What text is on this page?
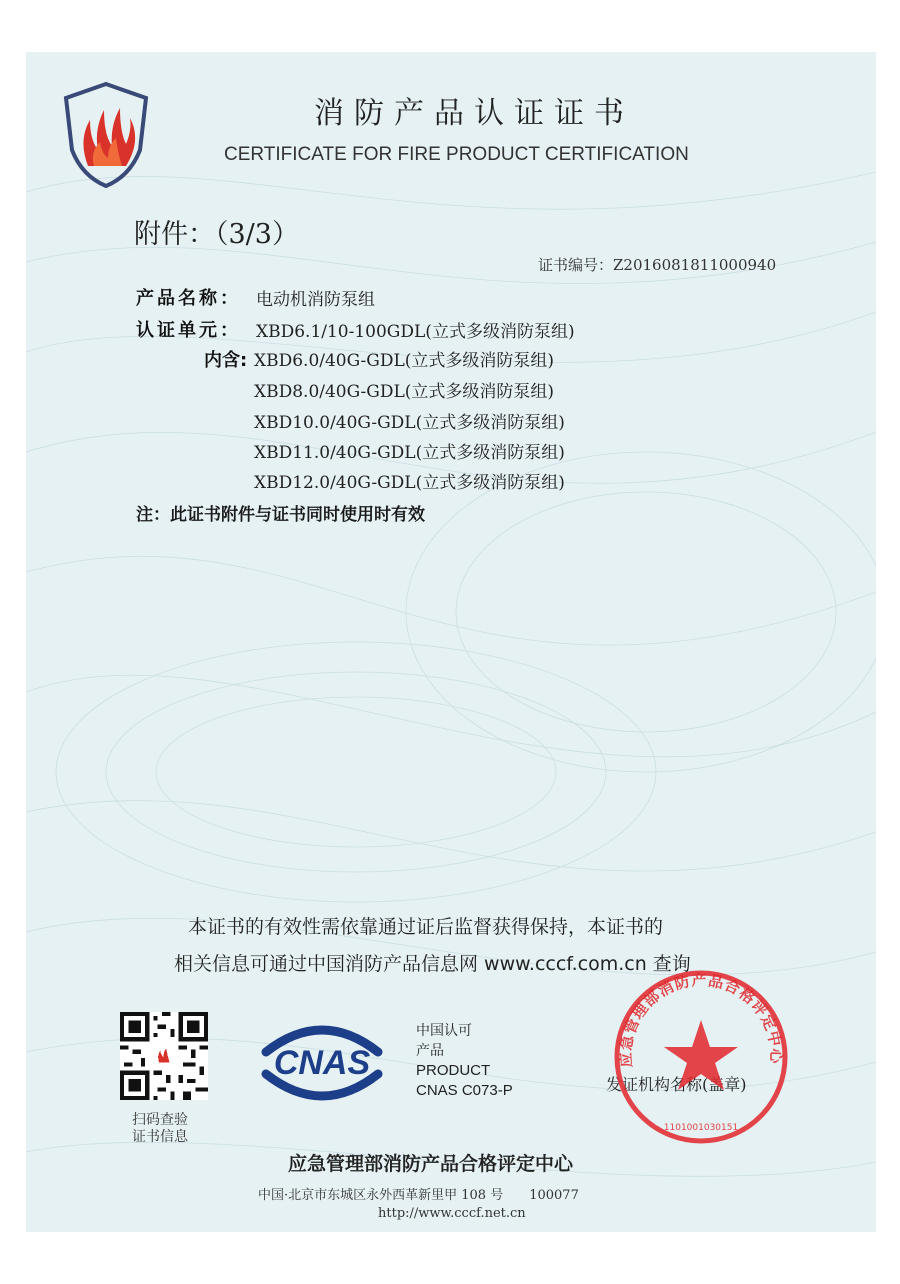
消防产品认证证书
CERTIFICATE FOR FIRE PRODUCT CERTIFICATION
附件：（3/3）
证书编号：Z2016081811000940
产品名称： 电动机消防泵组
认证单元： XBD6.1/10-100GDL(立式多级消防泵组)
内含: XBD6.0/40G-GDL(立式多级消防泵组)
XBD8.0/40G-GDL(立式多级消防泵组)
XBD10.0/40G-GDL(立式多级消防泵组)
XBD11.0/40G-GDL(立式多级消防泵组)
XBD12.0/40G-GDL(立式多级消防泵组)
注：此证书附件与证书同时使用时有效
本证书的有效性需依靠通过证后监督获得保持，本证书的
相关信息可通过中国消防产品信息网 www.cccf.com.cn 查询
扫码查验
证书信息
CNAS
中国认可
产品
PRODUCT
CNAS C073-P	发证机构名称(盖章)
应急管理部消防产品合格评定中心
1101001030151
应急管理部消防产品合格评定中心
中国·北京市东城区永外西革新里甲 108 号　　100077
http://www.cccf.net.cn
